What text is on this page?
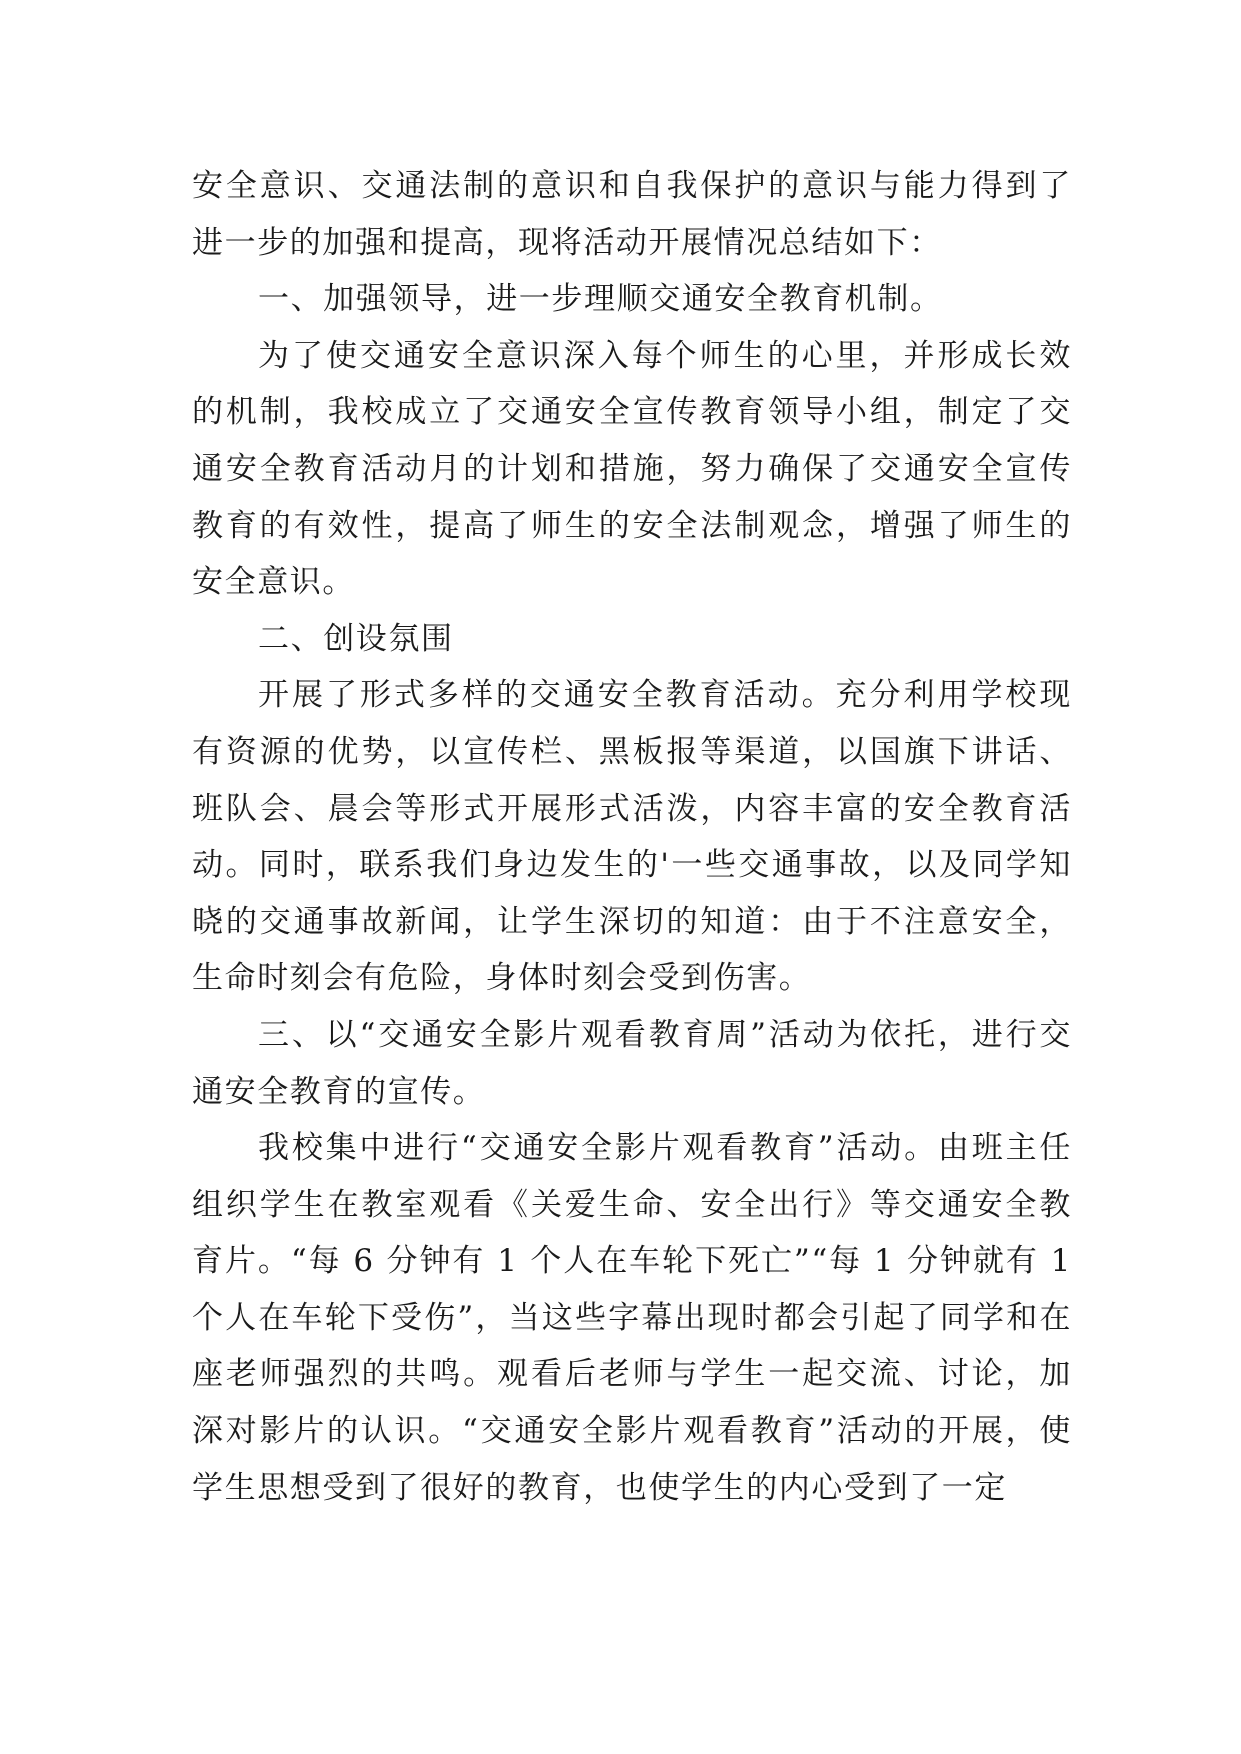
安全意识、交通法制的意识和自我保护的意识与能力得到了进一步的加强和提高，现将活动开展情况总结如下：

一、加强领导，进一步理顺交通安全教育机制。

为了使交通安全意识深入每个师生的心里，并形成长效的机制，我校成立了交通安全宣传教育领导小组，制定了交通安全教育活动月的计划和措施，努力确保了交通安全宣传教育的有效性，提高了师生的安全法制观念，增强了师生的安全意识。

二、创设氛围

开展了形式多样的交通安全教育活动。充分利用学校现有资源的优势，以宣传栏、黑板报等渠道，以国旗下讲话、班队会、晨会等形式开展形式活泼，内容丰富的安全教育活动。同时，联系我们身边发生的'一些交通事故，以及同学知晓的交通事故新闻，让学生深切的知道：由于不注意安全，生命时刻会有危险，身体时刻会受到伤害。

三、以“交通安全影片观看教育周”活动为依托，进行交通安全教育的宣传。

我校集中进行“交通安全影片观看教育”活动。由班主任组织学生在教室观看《关爱生命、安全出行》等交通安全教育片。“每 6 分钟有 1 个人在车轮下死亡”“每 1 分钟就有 1 个人在车轮下受伤”，当这些字幕出现时都会引起了同学和在座老师强烈的共鸣。观看后老师与学生一起交流、讨论，加深对影片的认识。“交通安全影片观看教育”活动的开展，使学生思想受到了很好的教育，也使学生的内心受到了一定
